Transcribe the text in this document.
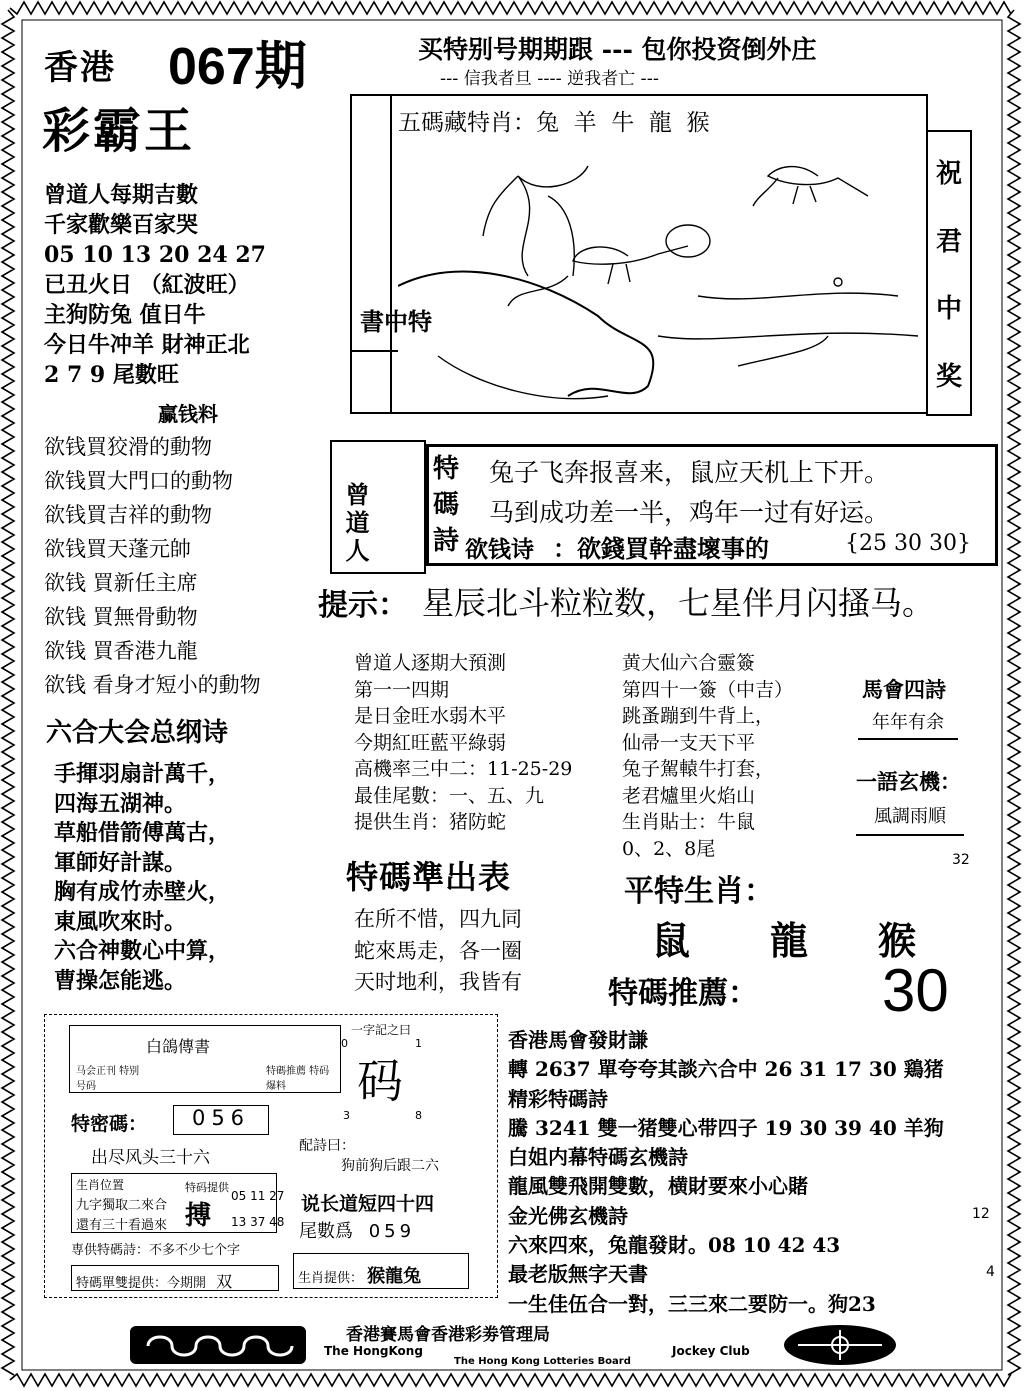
香港 067期
彩霸王
买特别号期期跟 --- 包你投资倒外庄
--- 信我者旦 ---- 逆我者亡 ---
曾道人每期吉數
千家歡樂百家哭
05 10 13 20 24 27
已丑火日 （紅波旺）
主狗防兔 值日牛
今日牛冲羊 財神正北
2 7 9 尾數旺
赢钱料
欲钱買狡滑的動物
欲钱買大門口的動物
欲钱買吉祥的動物
欲钱買天蓬元帥
欲钱 買新任主席
欲钱 買無骨動物
欲钱 買香港九龍
欲钱 看身才短小的動物
六合大会总纲诗
手揮羽扇計萬千，
四海五湖神。
草船借箭傅萬古，
軍師好計謀。
胸有成竹赤壁火，
東風吹來时。
六合神數心中算，
曹操怎能逃。
五碼藏特肖：兔  羊  牛  龍  猴
書中特
祝
君
中
奖
曾道人
特
碼
詩
兔子飞奔报喜来，鼠应天机上下开。
马到成功差一半，鸡年一过有好运。
欲钱诗 ：欲錢買幹盡壞事的	{25 30 30}
提示： 星辰北斗粒粒数，七星伴月闪搔马。
曾道人逐期大預測
第一一四期
是日金旺水弱木平
今期紅旺藍平綠弱
高機率三中二：11-25-29
最佳尾數：一、五、九
提供生肖：猪防蛇
黄大仙六合靈簽
第四十一簽（中吉）
跳蚤蹦到牛背上，
仙帚一支天下平
兔子駕轅牛打套，
老君爐里火焰山
生肖貼士：牛鼠
0、2、8尾
馬會四詩
年年有余
一語玄機：
風調雨順
32
特碼準出表
在所不惜，四九同
蛇來馬走，各一圈
天时地利，我皆有
平特生肖：
鼠 龍 猴
特碼推薦： 30
白鴿傳書
马会正刊 特别号码
特碼推薦 特码爆料
特密碼：	056
出尽风头三十六
生肖位置
九字獨取二來合
還有三十看過來
特码提供
搏
05 11 27
13 37 48
専供特碼詩：不多不少七个字
特碼單雙提供：今期開 双	生肖提供： 猴龍兔
一字記之曰
0	1
码
3	8
配詩曰：
狗前狗后跟二六
说长道短四十四
尾數爲 059
香港馬會發財謙
轉 2637 單夸夸其談六合中 26 31 17 30 鶏猪
精彩特碼詩
騰 3241 雙一猪雙心带四子 19 30 39 40 羊狗
白姐内幕特碼玄機詩
龍風雙飛開雙數，横財要來小心賭
金光佛玄機詩
六來四來，兔龍發財。08 10 42 43
最老版無字天書
一生佳伍合一對，三三來二要防一。狗23
12
4
香港賽馬會香港彩劵管理局
The HongKong	Jockey Club
The Hong Kong Lotteries Board
